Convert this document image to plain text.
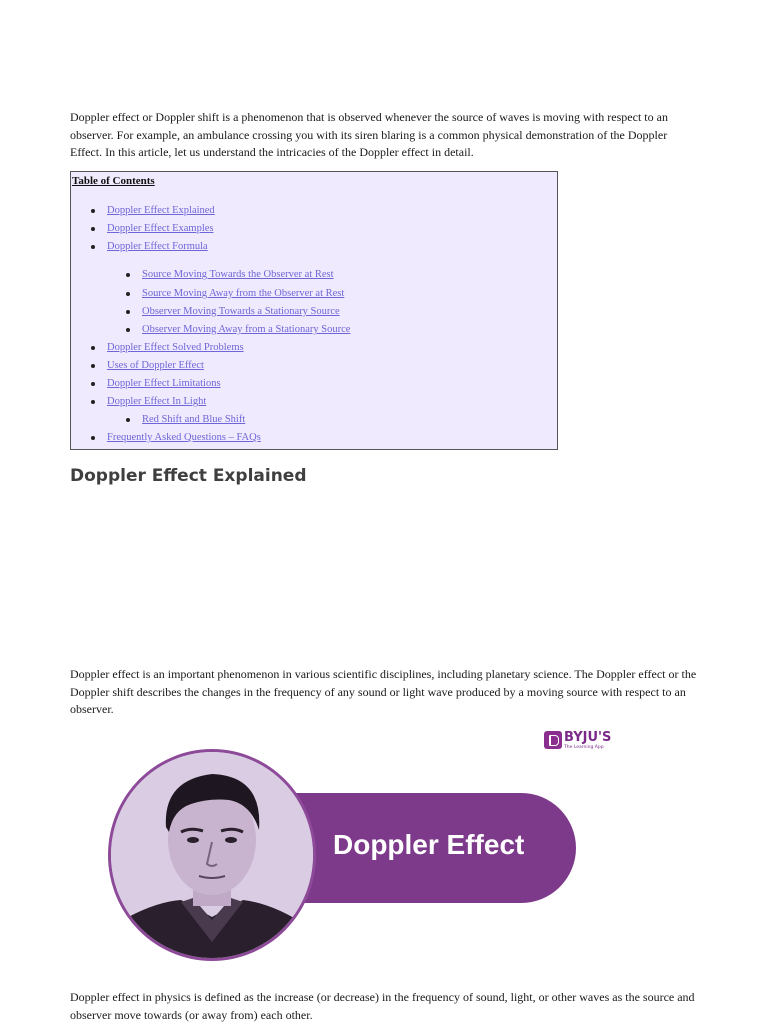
Doppler effect or Doppler shift is a phenomenon that is observed whenever the source of waves is moving with respect to an observer. For example, an ambulance crossing you with its siren blaring is a common physical demonstration of the Doppler Effect. In this article, let us understand the intricacies of the Doppler effect in detail.

Table of Contents
Doppler Effect Explained
Doppler Effect Examples
Doppler Effect Formula
Source Moving Towards the Observer at Rest
Source Moving Away from the Observer at Rest
Observer Moving Towards a Stationary Source
Observer Moving Away from a Stationary Source
Doppler Effect Solved Problems
Uses of Doppler Effect
Doppler Effect Limitations
Doppler Effect In Light
Red Shift and Blue Shift
Frequently Asked Questions – FAQs
Doppler Effect Explained

Doppler effect is an important phenomenon in various scientific disciplines, including planetary science. The Doppler effect or the Doppler shift describes the changes in the frequency of any sound or light wave produced by a moving source with respect to an observer.

BYJU'S
The Learning App
Doppler Effect

Doppler effect in physics is defined as the increase (or decrease) in the frequency of sound, light, or other waves as the source and observer move towards (or away from) each other.
